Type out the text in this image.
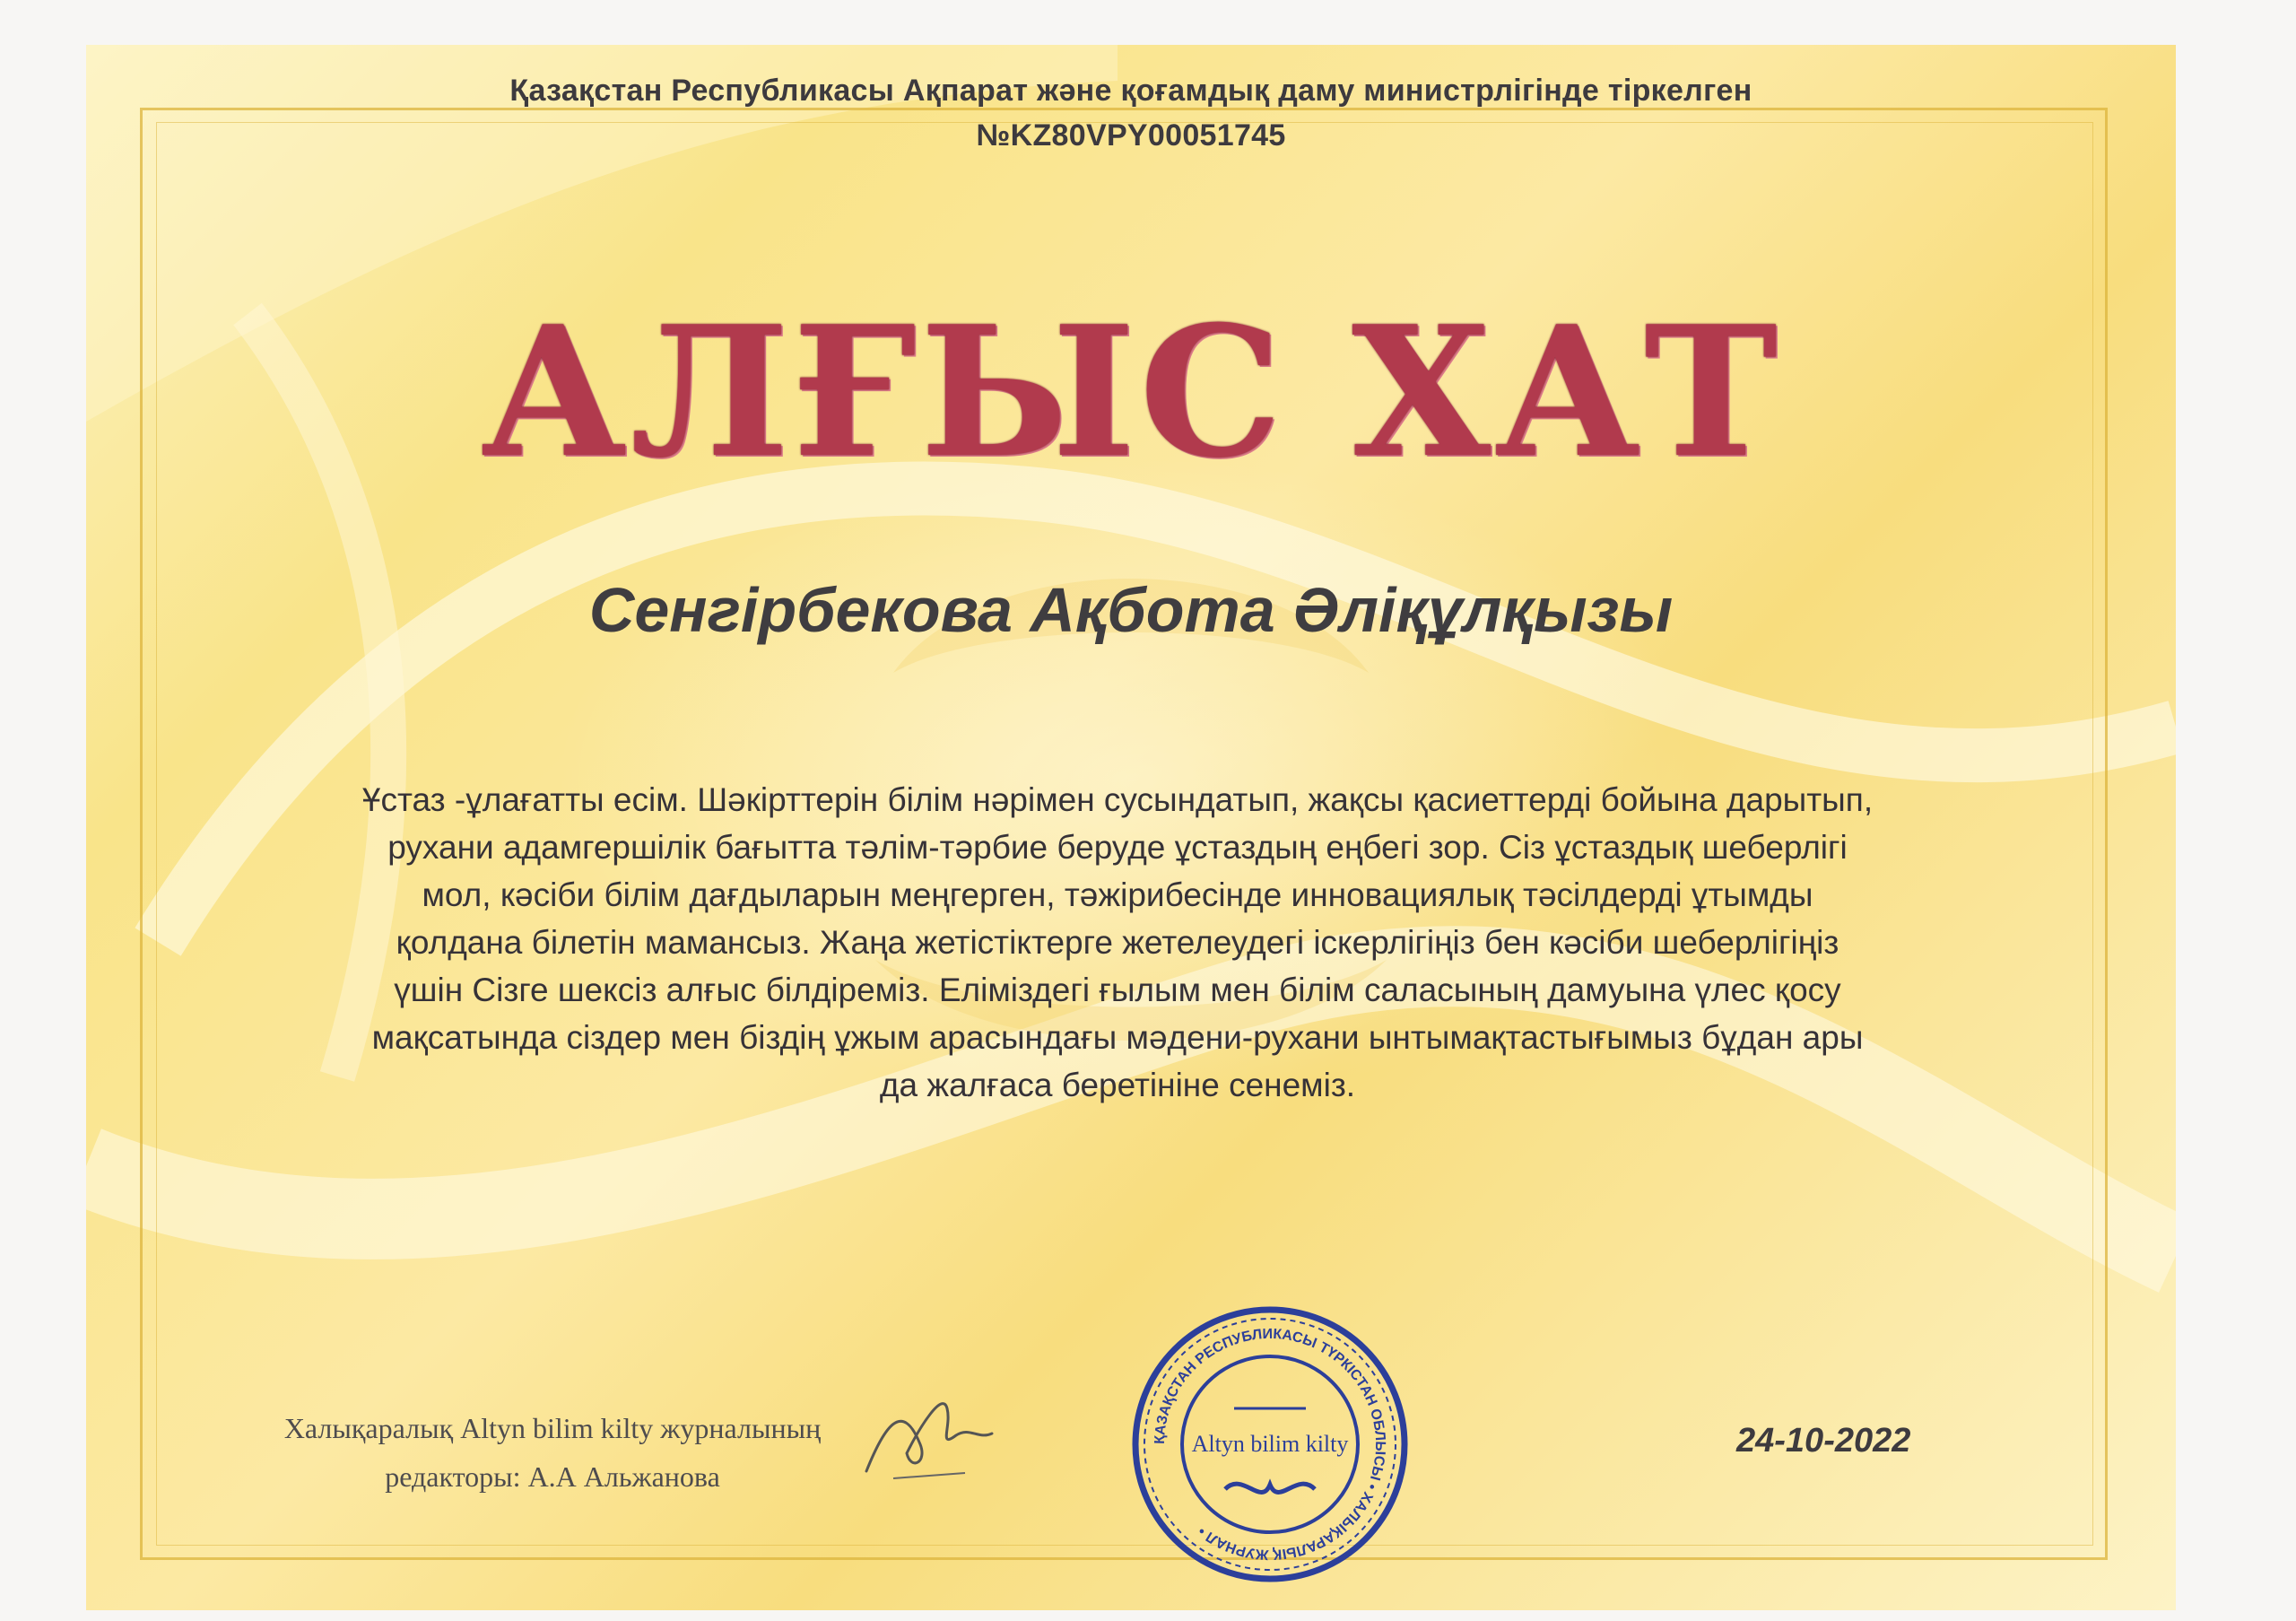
Қазақстан Республикасы Ақпарат және қоғамдық даму министрлігінде тіркелген
№KZ80VPY00051745
АЛҒЫС ХАТ
Сенгірбекова Ақбота Әліқұлқызы
Ұстаз -ұлағатты есім. Шәкірттерін білім нәрімен сусындатып, жақсы қасиеттерді бойына дарытып,
рухани адамгершілік бағытта тәлім-тәрбие беруде ұстаздың еңбегі зор. Сіз ұстаздық шеберлігі
мол, кәсіби білім дағдыларын меңгерген, тәжірибесінде инновациялық тәсілдерді ұтымды
қолдана білетін мамансыз. Жаңа жетістіктерге жетелеудегі іскерлігіңіз бен кәсіби шеберлігіңіз
үшін Сізге шексіз алғыс білдіреміз. Еліміздегі ғылым мен білім саласының дамуына үлес қосу
мақсатында сіздер мен біздің ұжым арасындағы мәдени-рухани ынтымақтастығымыз бұдан ары
да жалғаса беретініне сенеміз.
Халықаралық Altyn bilim kilty журналының
редакторы: А.А Альжанова
ҚАЗАҚСТАН РЕСПУБЛИКАСЫ ТҮРКІСТАН ОБЛЫСЫ • ХАЛЫҚАРАЛЫҚ ЖУРНАЛ •
Altyn bilim kilty	24-10-2022
